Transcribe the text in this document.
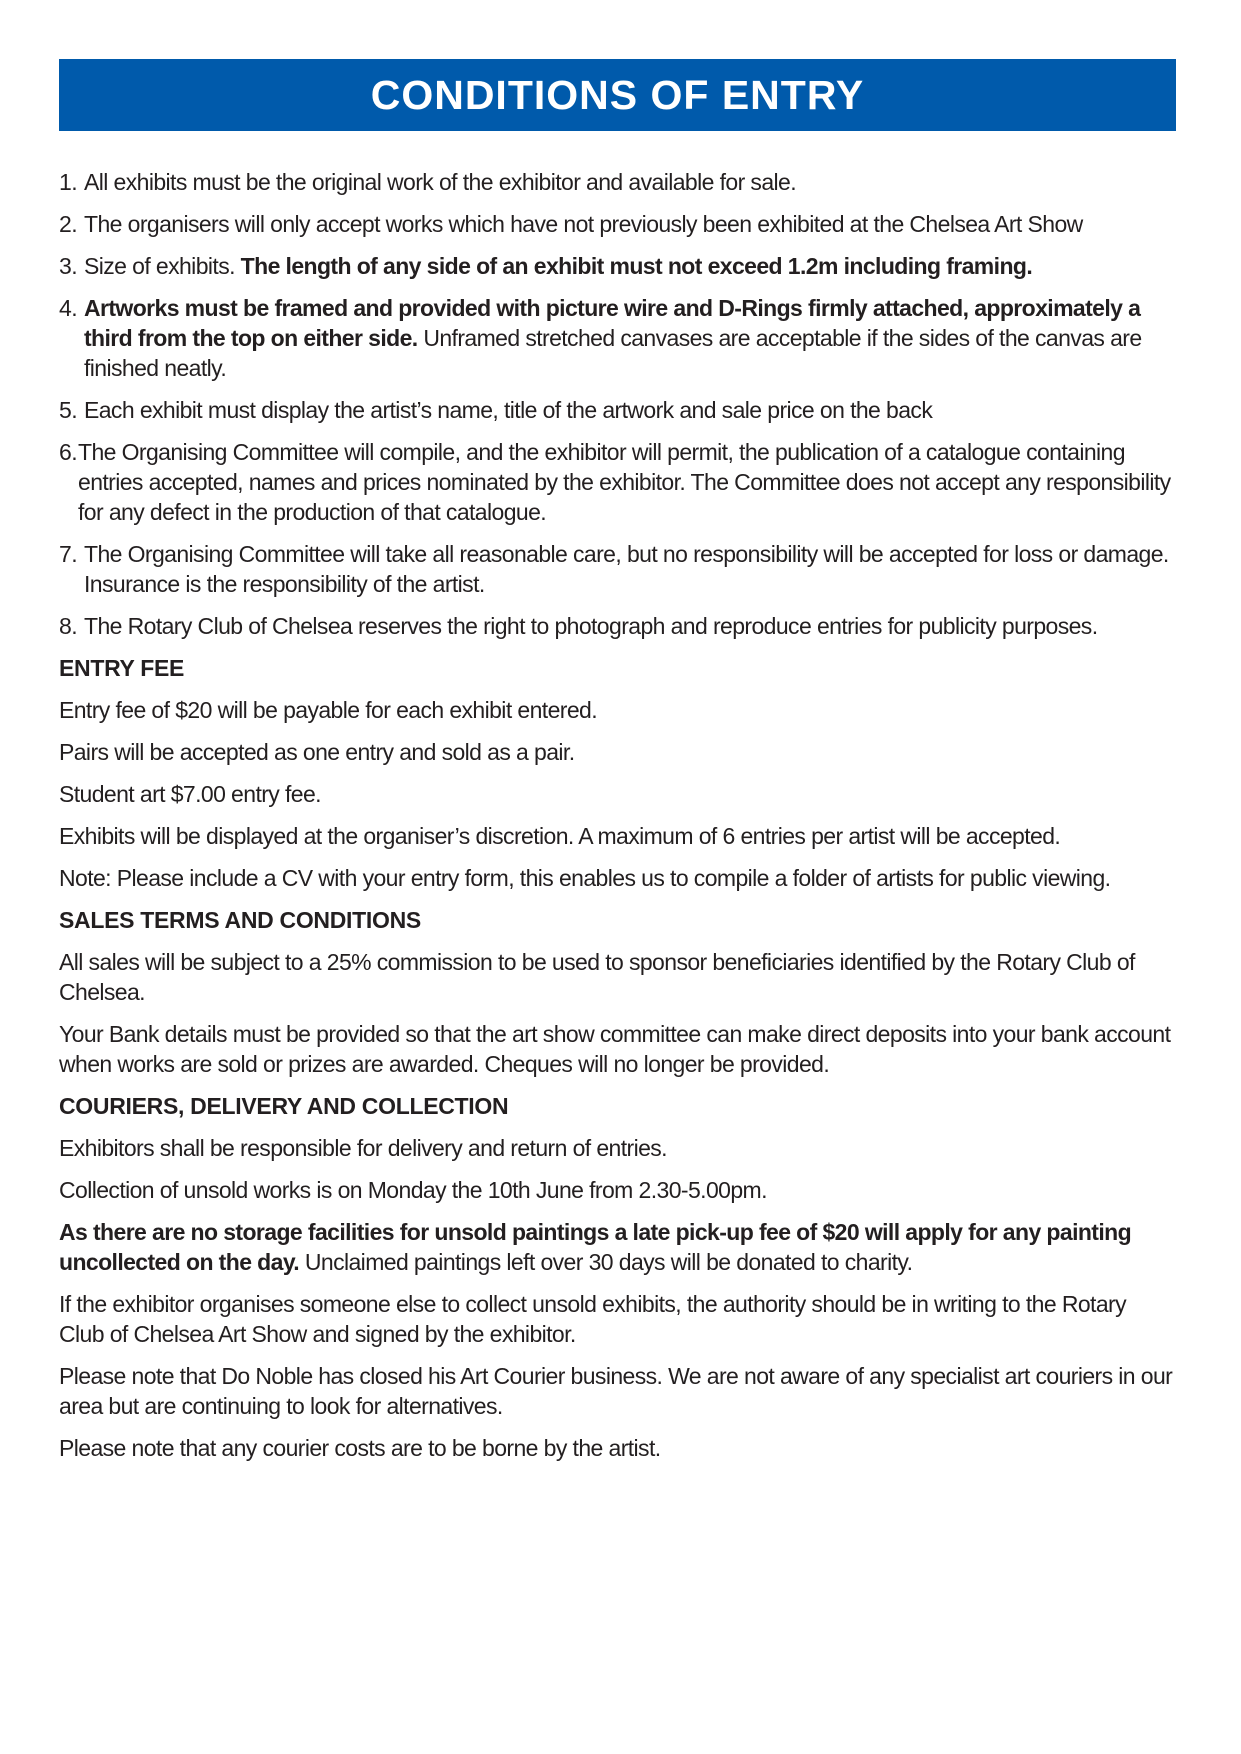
CONDITIONS OF ENTRY
1. All exhibits must be the original work of the exhibitor and available for sale.
2. The organisers will only accept works which have not previously been exhibited at the Chelsea Art Show
3. Size of exhibits. The length of any side of an exhibit must not exceed 1.2m including framing.
4. Artworks must be framed and provided with picture wire and D-Rings firmly attached, approximately a third from the top on either side. Unframed stretched canvases are acceptable if the sides of the canvas are finished neatly.
5. Each exhibit must display the artist’s name, title of the artwork and sale price on the back
6. The Organising Committee will compile, and the exhibitor will permit, the publication of a catalogue containing entries accepted, names and prices nominated by the exhibitor. The Committee does not accept any responsibility for any defect in the production of that catalogue.
7. The Organising Committee will take all reasonable care, but no responsibility will be accepted for loss or damage. Insurance is the responsibility of the artist.
8. The Rotary Club of Chelsea reserves the right to photograph and reproduce entries for publicity purposes.
ENTRY FEE

Entry fee of $20 will be payable for each exhibit entered.

Pairs will be accepted as one entry and sold as a pair.

Student art $7.00 entry fee.

Exhibits will be displayed at the organiser’s discretion. A maximum of 6 entries per artist will be accepted.

Note: Please include a CV with your entry form, this enables us to compile a folder of artists for public viewing.

SALES TERMS AND CONDITIONS

All sales will be subject to a 25% commission to be used to sponsor beneficiaries identified by the Rotary Club of Chelsea.

Your Bank details must be provided so that the art show committee can make direct deposits into your bank account when works are sold or prizes are awarded. Cheques will no longer be provided.

COURIERS, DELIVERY AND COLLECTION

Exhibitors shall be responsible for delivery and return of entries.

Collection of unsold works is on Monday the 10th June from 2.30-5.00pm.

As there are no storage facilities for unsold paintings a late pick-up fee of $20 will apply for any painting uncollected on the day. Unclaimed paintings left over 30 days will be donated to charity.

If the exhibitor organises someone else to collect unsold exhibits, the authority should be in writing to the Rotary Club of Chelsea Art Show and signed by the exhibitor.

Please note that Do Noble has closed his Art Courier business. We are not aware of any specialist art couriers in our area but are continuing to look for alternatives.

Please note that any courier costs are to be borne by the artist.
